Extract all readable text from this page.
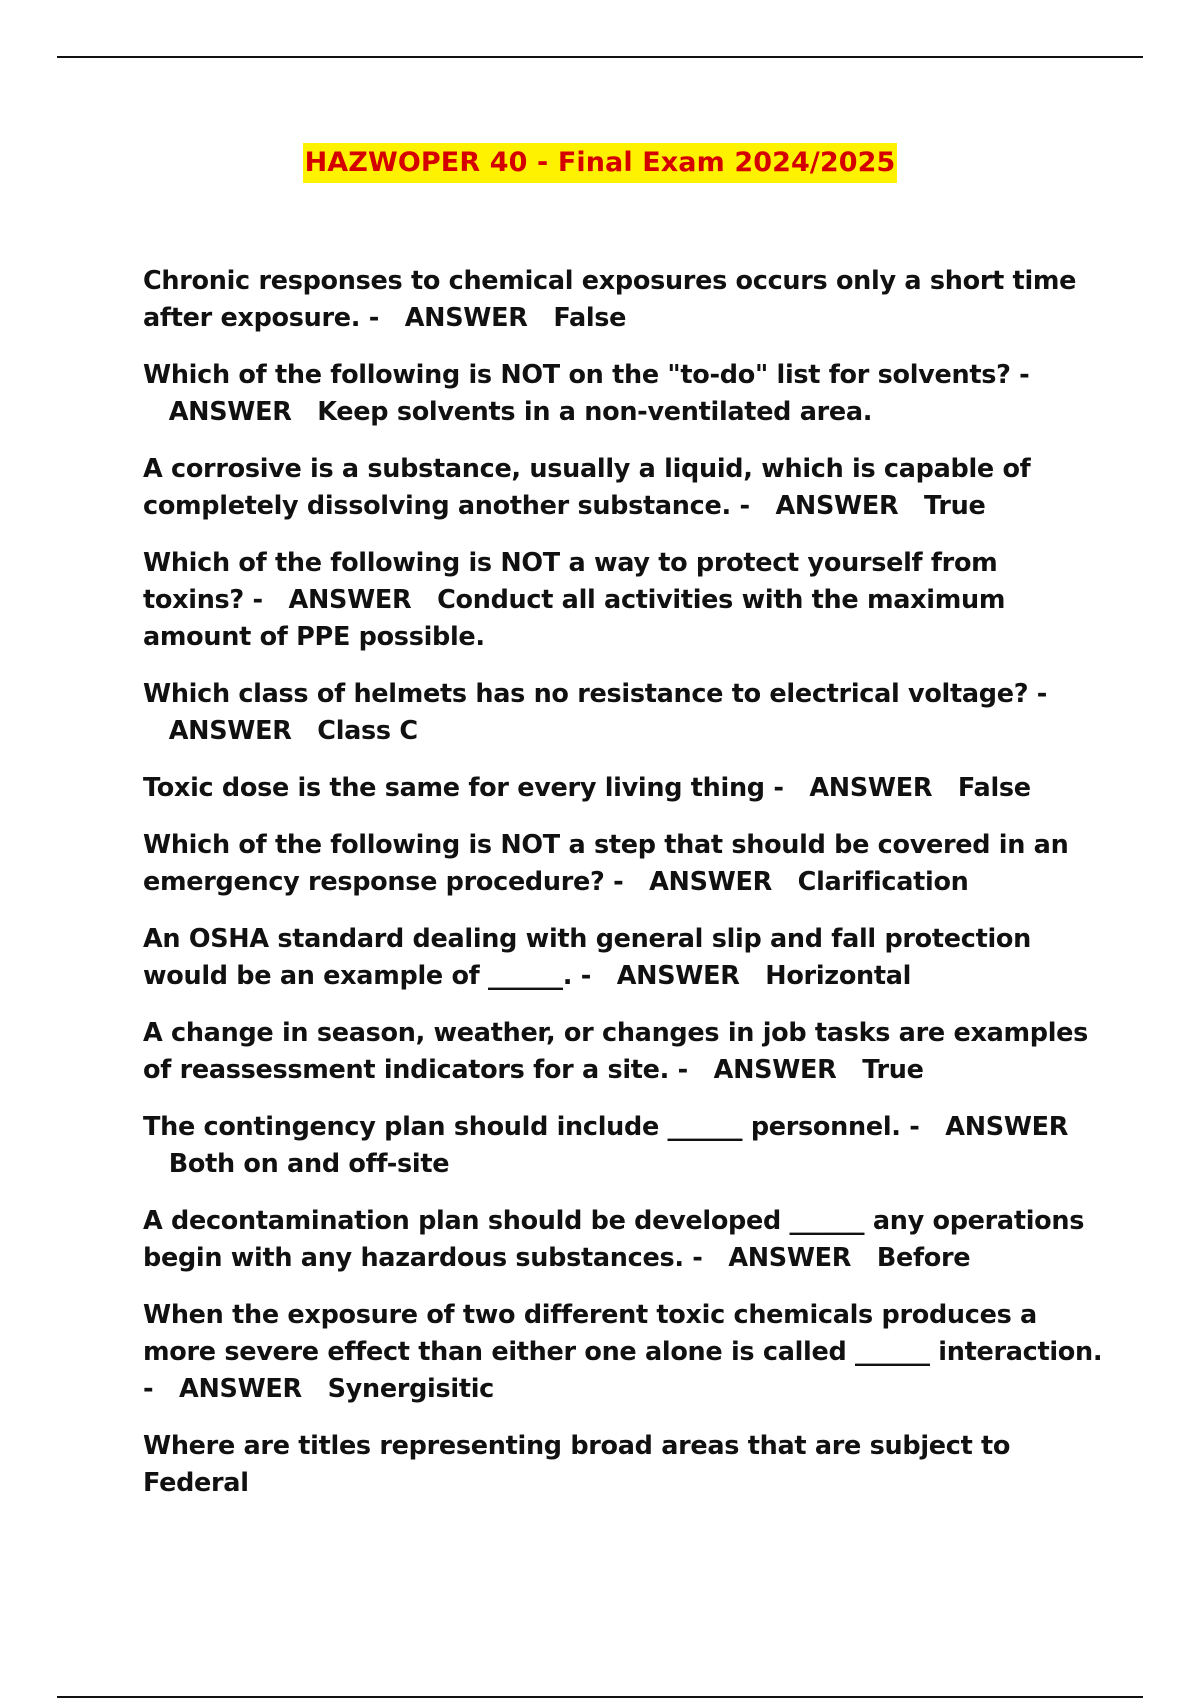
HAZWOPER 40 - Final Exam 2024/2025

Chronic responses to chemical exposures occurs only a short time after exposure. - ANSWER False

Which of the following is NOT on the "to-do" list for solvents? -   ANSWER Keep solvents in a non-ventilated area.

A corrosive is a substance, usually a liquid, which is capable of completely dissolving another substance. - ANSWER True

Which of the following is NOT a way to protect yourself from toxins? - ANSWER Conduct all activities with the maximum amount of PPE possible.

Which class of helmets has no resistance to electrical voltage? -   ANSWER Class C

Toxic dose is the same for every living thing - ANSWER False

Which of the following is NOT a step that should be covered in an emergency response procedure? - ANSWER Clarification

An OSHA standard dealing with general slip and fall protection would be an example of ______. - ANSWER Horizontal

A change in season, weather, or changes in job tasks are examples of reassessment indicators for a site. - ANSWER True

The contingency plan should include ______ personnel. - ANSWER   Both on and off-site

A decontamination plan should be developed ______ any operations begin with any hazardous substances. - ANSWER Before

When the exposure of two different toxic chemicals produces a more severe effect than either one alone is called ______ interaction. - ANSWER Synergisitic

Where are titles representing broad areas that are subject to Federal
